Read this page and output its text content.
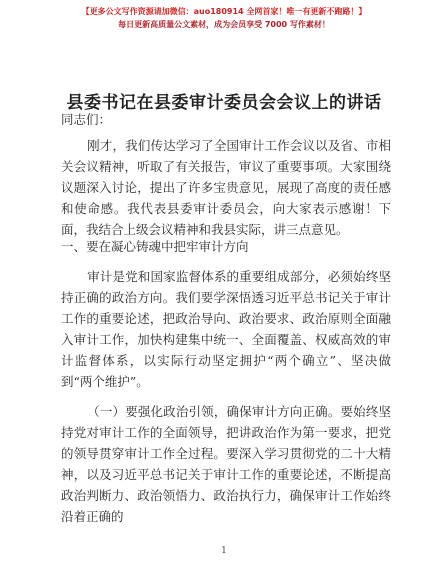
【更多公文写作资源请加微信：auo180914 全网首家！唯一有更新不跑路！】
每日更新高质量公文素材，成为会员享受 7000 写作素材！
县委书记在县委审计委员会会议上的讲话
同志们：
刚才，我们传达学习了全国审计工作会议以及省、市相关会议精神，听取了有关报告，审议了重要事项。大家围绕议题深入讨论，提出了许多宝贵意见，展现了高度的责任感和使命感。我代表县委审计委员会，向大家表示感谢！下面，我结合上级会议精神和我县实际，讲三点意见。
一、要在凝心铸魂中把牢审计方向
审计是党和国家监督体系的重要组成部分，必须始终坚持正确的政治方向。我们要学深悟透习近平总书记关于审计工作的重要论述，把政治导向、政治要求、政治原则全面融入审计工作，加快构建集中统一、全面覆盖、权威高效的审计监督体系，以实际行动坚定拥护“两个确立”、坚决做到“两个维护”。
（一）要强化政治引领，确保审计方向正确。要始终坚持党对审计工作的全面领导，把讲政治作为第一要求，把党的领导贯穿审计工作全过程。要深入学习贯彻党的二十大精神，以及习近平总书记关于审计工作的重要论述，不断提高政治判断力、政治领悟力、政治执行力，确保审计工作始终沿着正确的
1
